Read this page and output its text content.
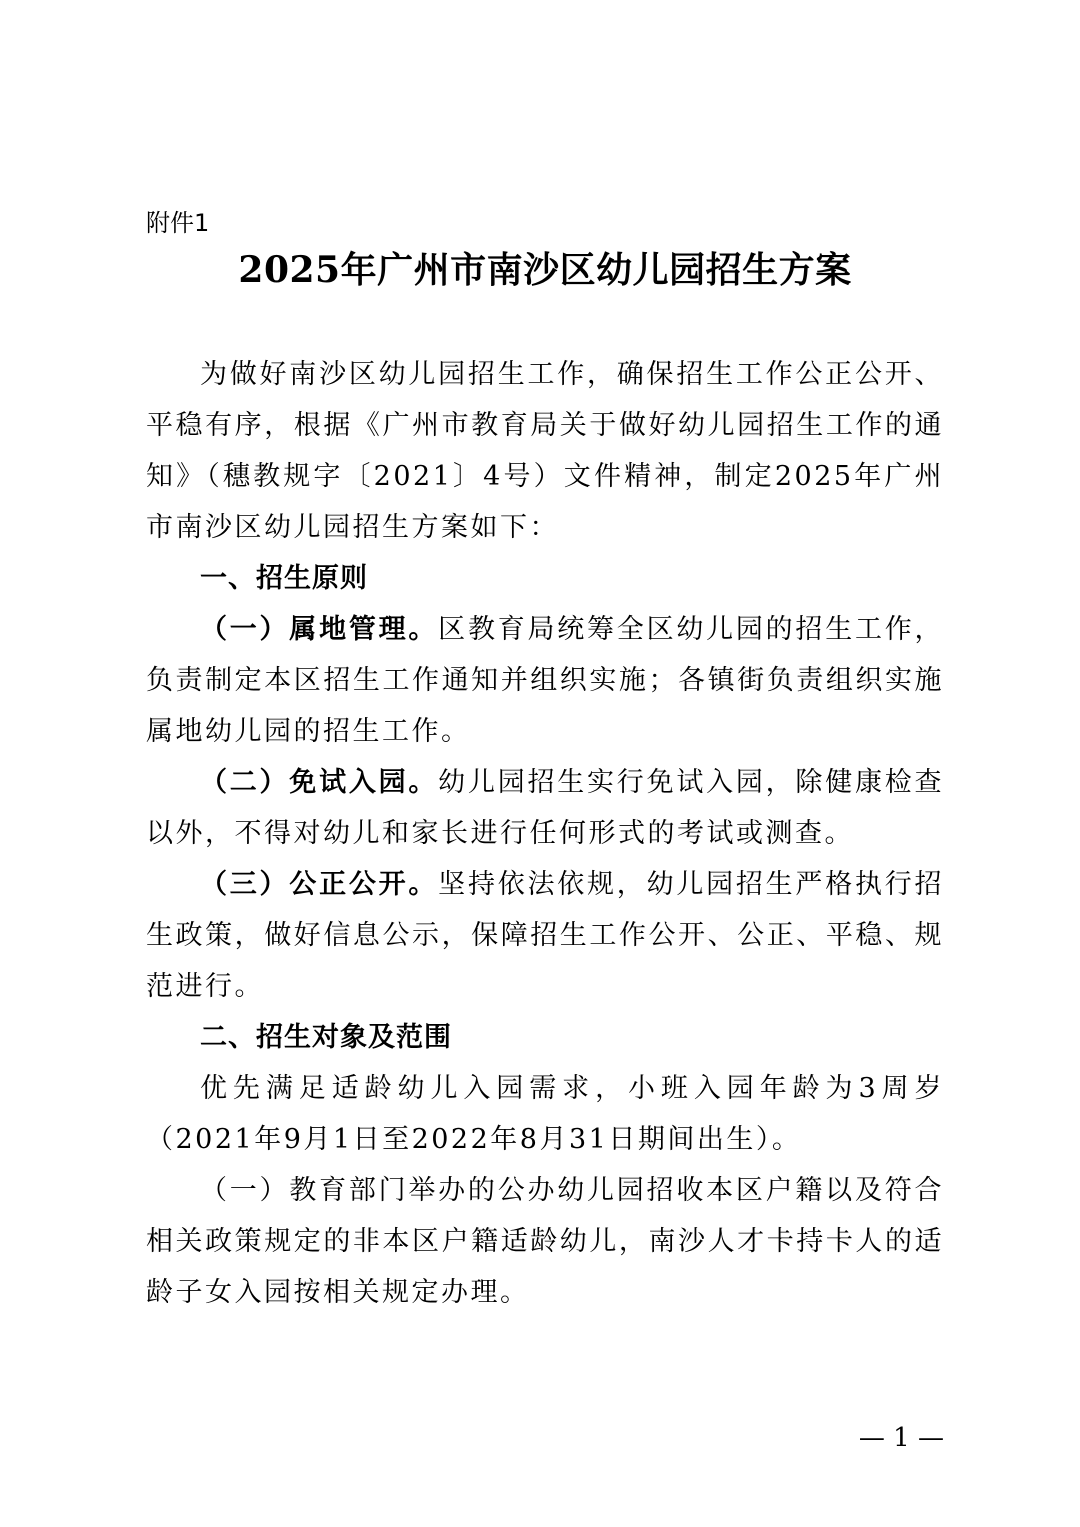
附件1
2025年广州市南沙区幼儿园招生方案

为做好南沙区幼儿园招生工作，确保招生工作公正公开、平稳有序，根据《广州市教育局关于做好幼儿园招生工作的通知》（穗教规字〔2021〕4号）文件精神，制定2025年广州市南沙区幼儿园招生方案如下：

一、招生原则

（一）属地管理。区教育局统筹全区幼儿园的招生工作，负责制定本区招生工作通知并组织实施；各镇街负责组织实施属地幼儿园的招生工作。

（二）免试入园。幼儿园招生实行免试入园，除健康检查以外，不得对幼儿和家长进行任何形式的考试或测查。

（三）公正公开。坚持依法依规，幼儿园招生严格执行招生政策，做好信息公示，保障招生工作公开、公正、平稳、规范进行。

二、招生对象及范围

优先满足适龄幼儿入园需求，小班入园年龄为3周岁（2021年9月1日至2022年8月31日期间出生）。

（一）教育部门举办的公办幼儿园招收本区户籍以及符合相关政策规定的非本区户籍适龄幼儿，南沙人才卡持卡人的适龄子女入园按相关规定办理。

— 1 —
